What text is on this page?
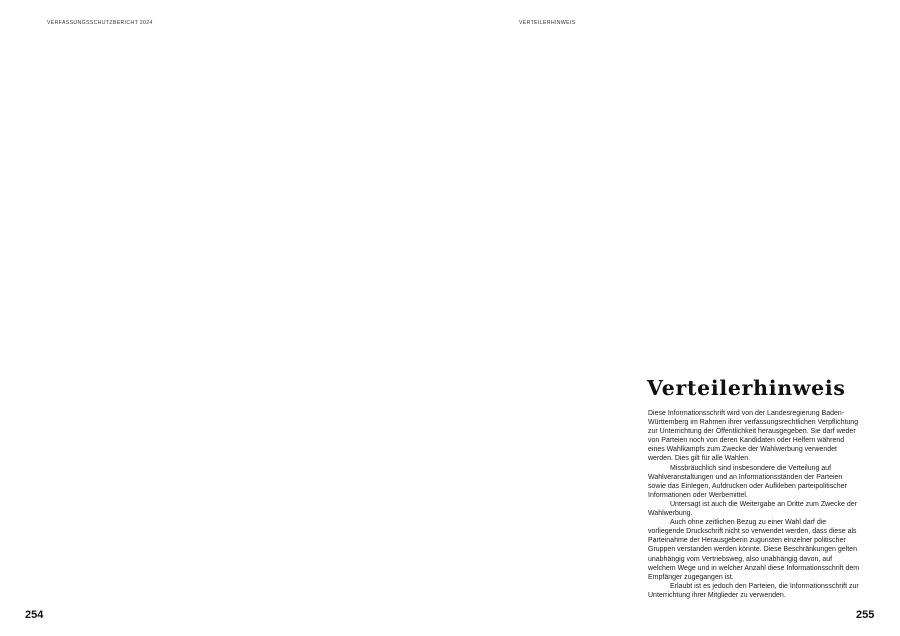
VERFASSUNGSSCHUTZBERICHT 2024	VERTEILERHINWEIS
Verteilerhinweis

Diese Informationsschrift wird von der Landesregierung Baden-Württemberg im Rahmen ihrer verfassungsrechtlichen Verpflichtung zur Unterrichtung der Öffentlichkeit herausgegeben. Sie darf weder von Parteien noch von deren Kandidaten oder Helfern während eines Wahlkampfs zum Zwecke der Wahlwerbung verwendet werden. Dies gilt für alle Wahlen.

Missbräuchlich sind insbesondere die Verteilung auf Wahlveranstaltungen und an Informationsständen der Parteien sowie das Einlegen, Aufdrucken oder Aufkleben parteipolitischer Informationen oder Werbemittel.

Untersagt ist auch die Weitergabe an Dritte zum Zwecke der Wahlwerbung.

Auch ohne zeitlichen Bezug zu einer Wahl darf die vorliegende Druckschrift nicht so verwendet werden, dass diese als Parteinahme der Herausgeberin zugunsten einzelner politischer Gruppen verstanden werden könnte. Diese Beschränkungen gelten unabhängig vom Vertriebsweg, also unabhängig davon, auf welchem Wege und in welcher Anzahl diese Informationsschrift dem Empfänger zugegangen ist.

Erlaubt ist es jedoch den Parteien, die Informationsschrift zur Unterrichtung ihrer Mitglieder zu verwenden.

254	255
